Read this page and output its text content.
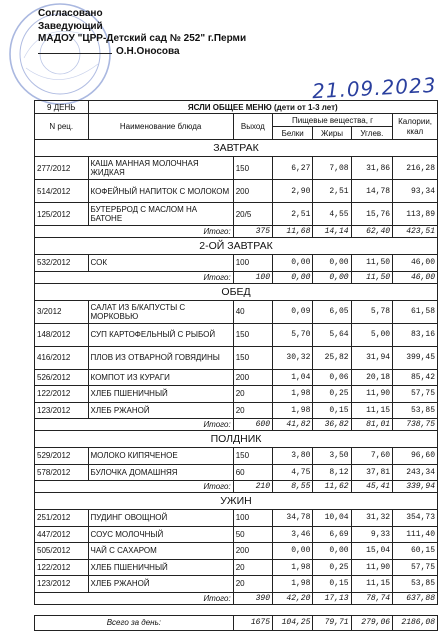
Согласовано
Заведующий
МАДОУ "ЦРР-Детский сад № 252" г.Перми
О.Н.Оносова
21.09.2023
9 ДЕНЬ	ЯСЛИ ОБЩЕЕ МЕНЮ (дети от 1-3 лет)					
N рец.	Наименование блюда	Выход	Пищевые вещества, г			Калории, ккал
			Белки	Жиры	Углев.	
ЗАВТРАК						
277/2012	КАША МАННАЯ МОЛОЧНАЯ ЖИДКАЯ	150	6,27	7,08	31,86	216,28
514/2012	КОФЕЙНЫЙ НАПИТОК С МОЛОКОМ	200	2,90	2,51	14,78	93,34
125/2012	БУТЕРБРОД С МАСЛОМ НА БАТОНЕ	20/5	2,51	4,55	15,76	113,89
Итого:		375	11,68	14,14	62,40	423,51
2-ОЙ ЗАВТРАК						
532/2012	СОК	100	0,00	0,00	11,50	46,00
Итого:		100	0,00	0,00	11,50	46,00
ОБЕД						
3/2012	САЛАТ ИЗ Б/КАПУСТЫ С МОРКОВЬЮ	40	0,09	6,05	5,78	61,58
148/2012	СУП КАРТОФЕЛЬНЫЙ С РЫБОЙ	150	5,70	5,64	5,00	83,16
416/2012	ПЛОВ ИЗ ОТВАРНОЙ ГОВЯДИНЫ	150	30,32	25,82	31,94	399,45
526/2012	КОМПОТ ИЗ КУРАГИ	200	1,04	0,06	20,18	85,42
122/2012	ХЛЕБ ПШЕНИЧНЫЙ	20	1,98	0,25	11,90	57,75
123/2012	ХЛЕБ РЖАНОЙ	20	1,98	0,15	11,15	53,85
Итого:		600	41,82	36,82	81,01	738,75
ПОЛДНИК						
529/2012	МОЛОКО КИПЯЧЕНОЕ	150	3,80	3,50	7,60	96,60
578/2012	БУЛОЧКА ДОМАШНЯЯ	60	4,75	8,12	37,81	243,34
Итого:		210	8,55	11,62	45,41	339,94
УЖИН						
251/2012	ПУДИНГ ОВОЩНОЙ	100	34,78	10,04	31,32	354,73
447/2012	СОУС МОЛОЧНЫЙ	50	3,46	6,69	9,33	111,40
505/2012	ЧАЙ С САХАРОМ	200	0,00	0,00	15,04	60,15
122/2012	ХЛЕБ ПШЕНИЧНЫЙ	20	1,98	0,25	11,90	57,75
123/2012	ХЛЕБ РЖАНОЙ	20	1,98	0,15	11,15	53,85
Итого:		390	42,20	17,13	78,74	637,88

Всего за день:		1675	104,25	79,71	279,06	2186,08
